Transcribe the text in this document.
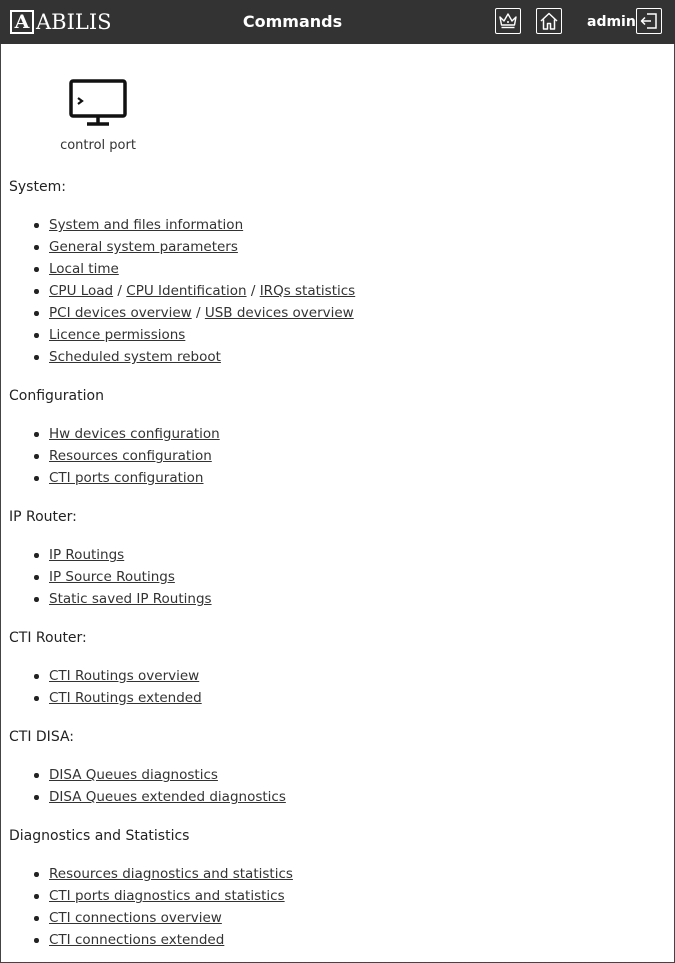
A ABILIS	Commands	admin
control port
System:
System and files information
General system parameters
Local time
CPU Load / CPU Identification / IRQs statistics
PCI devices overview / USB devices overview
Licence permissions
Scheduled system reboot
Configuration
Hw devices configuration
Resources configuration
CTI ports configuration
IP Router:
IP Routings
IP Source Routings
Static saved IP Routings
CTI Router:
CTI Routings overview
CTI Routings extended
CTI DISA:
DISA Queues diagnostics
DISA Queues extended diagnostics
Diagnostics and Statistics
Resources diagnostics and statistics
CTI ports diagnostics and statistics
CTI connections overview
CTI connections extended
